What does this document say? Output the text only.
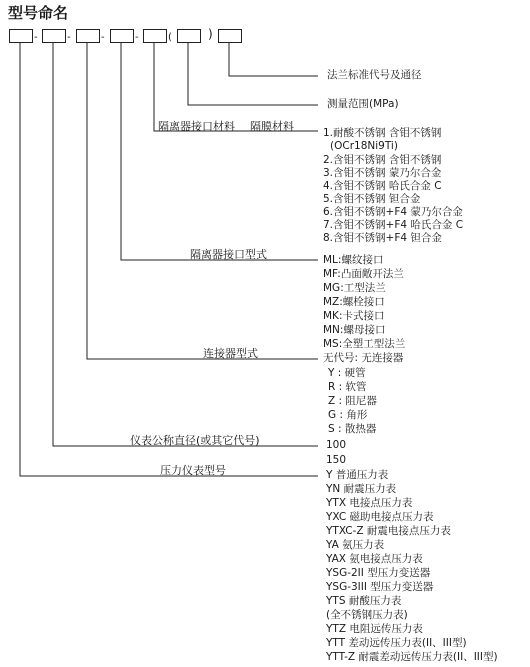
型号命名
-	-	-	-	(	)
法兰标准代号及通径
测量范围(MPa)
隔离器接口材料 隔膜材料
隔离器接口型式
连接器型式
仪表公称直径(或其它代号)
压力仪表型号
1.耐酸不锈钢 含钼不锈钢
(OCr18Ni9Ti)
2.含钼不锈钢 含钼不锈钢
3.含钼不锈钢 蒙乃尔合金
4.含钼不锈钢 哈氏合金 C
5.含钼不锈钢 钽合金
6.含钼不锈钢+F4 蒙乃尔合金
7.含钼不锈钢+F4 哈氏合金 C
8.含钼不锈钢+F4 钽合金
ML:螺纹接口
MF:凸面敞开法兰
MG:工型法兰
MZ:螺栓接口
MK:卡式接口
MN:螺母接口
MS:全塑工型法兰
无代号: 无连接器
Y : 硬管
R : 软管
Z : 阻尼器
G : 角形
S : 散热器
100
150
Y 普通压力表
YN 耐震压力表
YTX 电接点压力表
YXC 磁助电接点压力表
YTXC-Z 耐震电接点压力表
YA 氨压力表
YAX 氨电接点压力表
YSG-2II 型压力变送器
YSG-3III 型压力变送器
YTS 耐酸压力表
(全不锈钢压力表)
YTZ 电阻远传压力表
YTT 差动远传压力表(II、III型)
YTT-Z 耐震差动远传压力表(II、III型)
